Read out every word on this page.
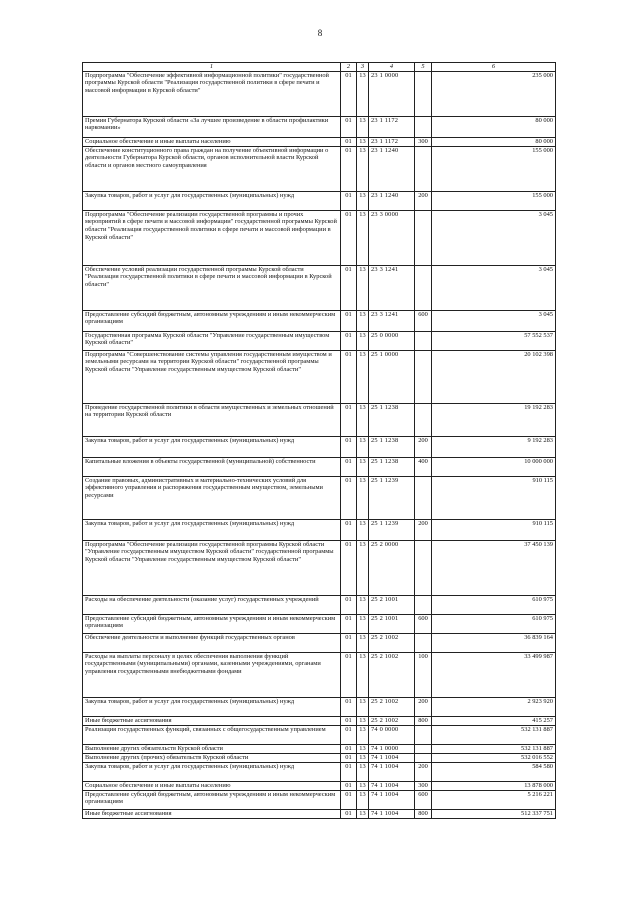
8
1	2	3	4	5	6
Подпрограмма "Обеспечение эффективной информационной политики" государственной программы Курской области "Реализация государственной политики в сфере печати и массовой информации в Курской области"	01	13	23 1 0000		235 000
Премия Губернатора Курской области «За лучшее произведение в области профилактики наркомании»	01	13	23 1 1172		80 000
Социальное обеспечение и иные выплаты населению	01	13	23 1 1172	300	80 000
Обеспечение конституционного права граждан на получение объективной информации о деятельности Губернатора Курской области, органов исполнительной власти Курской области и органов местного самоуправления	01	13	23 1 1240		155 000
Закупка товаров, работ и услуг для государственных (муниципальных) нужд	01	13	23 1 1240	200	155 000
Подпрограмма "Обеспечение реализации государственной программы и прочих мероприятий в сфере печати и массовой информации" государственной программы Курской области "Реализация государственной политики в сфере печати и массовой информации в Курской области"	01	13	23 3 0000		3 045
Обеспечение условий реализации государственной программы Курской области "Реализация государственной политики в сфере печати и массовой информации в Курской области"	01	13	23 3 1241		3 045
Предоставление субсидий бюджетным, автономным учреждениям и иным некоммерческим организациям	01	13	23 3 1241	600	3 045
Государственная программа Курской области "Управление государственным имуществом Курской области"	01	13	25 0 0000		57 552 537
Подпрограмма "Совершенствование системы управления государственным имуществом и земельными ресурсами на территории Курской области" государственной программы Курской области "Управление государственным имуществом Курской области"	01	13	25 1 0000		20 102 398
Проведение государственной политики в области имущественных и земельных отношений на территории Курской области	01	13	25 1 1238		19 192 283
Закупка товаров, работ и услуг для государственных (муниципальных) нужд	01	13	25 1 1238	200	9 192 283
Капитальные вложения в объекты государственной (муниципальной) собственности	01	13	25 1 1238	400	10 000 000
Создание правовых, административных и материально-технических условий для эффективного управления и распоряжения государственным имуществом, земельными ресурсами	01	13	25 1 1239		910 115
Закупка товаров, работ и услуг для государственных (муниципальных) нужд	01	13	25 1 1239	200	910 115
Подпрограмма "Обеспечение реализации государственной программы Курской области "Управление государственным имуществом Курской области" государственной программы Курской области "Управление государственным имуществом Курской области"	01	13	25 2 0000		37 450 139
Расходы на обеспечение деятельности (оказание услуг) государственных учреждений	01	13	25 2 1001		610 975
Предоставление субсидий бюджетным, автономным учреждениям и иным некоммерческим организациям	01	13	25 2 1001	600	610 975
Обеспечение деятельности и выполнение функций государственных органов	01	13	25 2 1002		36 839 164
Расходы на выплаты персоналу в целях обеспечения выполнения функций государственными (муниципальными) органами, казенными учреждениями, органами управления государственными внебюджетными фондами	01	13	25 2 1002	100	33 499 987
Закупка товаров, работ и услуг для государственных (муниципальных) нужд	01	13	25 2 1002	200	2 923 920
Иные бюджетные ассигнования	01	13	25 2 1002	800	415 257
Реализация государственных функций, связанных с общегосударственным управлением	01	13	74 0 0000		532 131 887
Выполнение других обязательств Курской области	01	13	74 1 0000		532 131 887
Выполнение других (прочих) обязательств Курской области	01	13	74 1 1004		532 016 552
Закупка товаров, работ и услуг для государственных (муниципальных) нужд	01	13	74 1 1004	200	584 580
Социальное обеспечение и иные выплаты населению	01	13	74 1 1004	300	13 878 000
Предоставление субсидий бюджетным, автономным учреждениям и иным некоммерческим организациям	01	13	74 1 1004	600	5 216 221
Иные бюджетные ассигнования	01	13	74 1 1004	800	512 337 751
